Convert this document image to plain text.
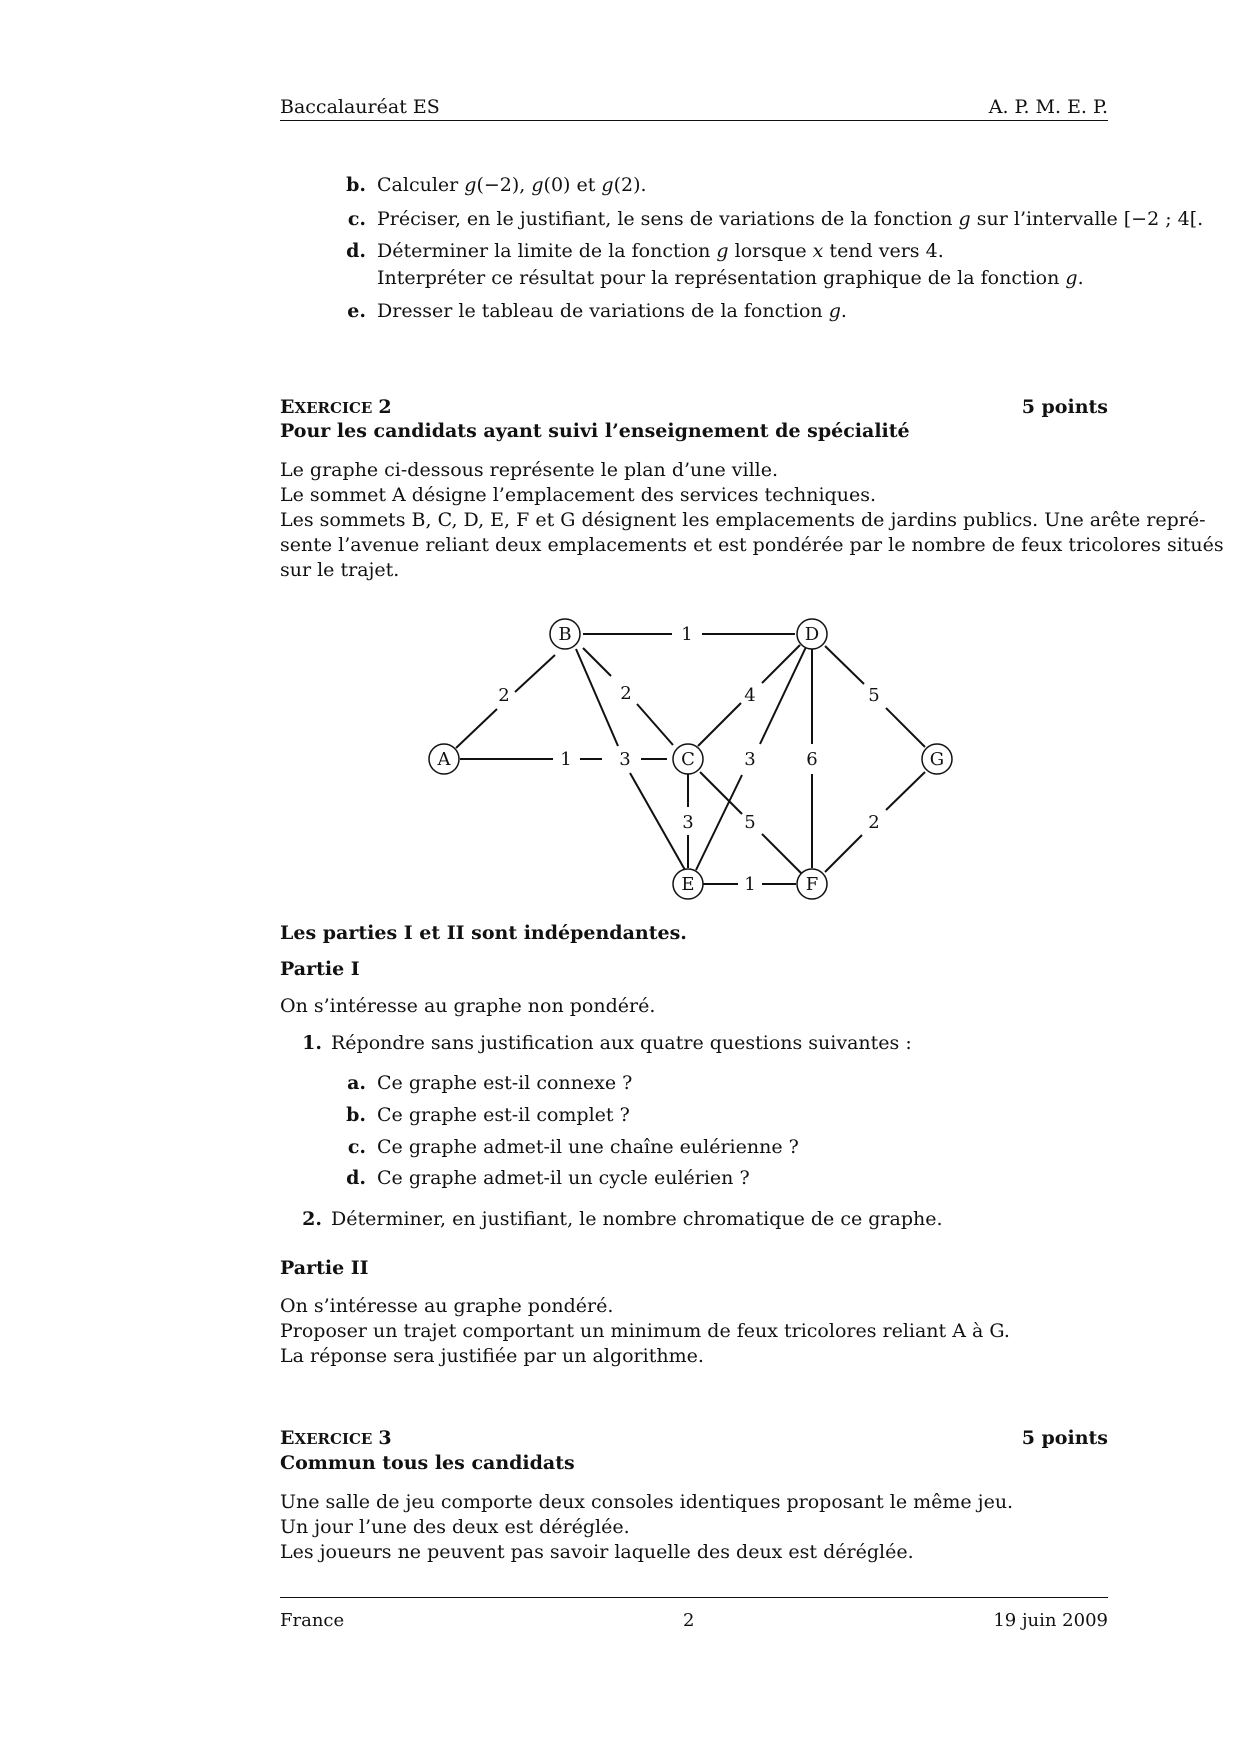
Baccalauréat ES	A. P. M. E. P.
b. Calculer g(−2), g(0) et g(2).
c. Préciser, en le justifiant, le sens de variations de la fonction g sur l’intervalle [−2 ; 4[.
d. Déterminer la limite de la fonction g lorsque x tend vers 4.
Interpréter ce résultat pour la représentation graphique de la fonction g.
e. Dresser le tableau de variations de la fonction g.
EXERCICE 2	5 points
Pour les candidats ayant suivi l’enseignement de spécialité
Le graphe ci-dessous représente le plan d’une ville.
Le sommet A désigne l’emplacement des services techniques.
Les sommets B, C, D, E, F et G désignent les emplacements de jardins publics. Une arête repré-
sente l’avenue reliant deux emplacements et est pondérée par le nombre de feux tricolores situés
sur le trajet.
A
B
C
D
E	F
G
2
1
1
2
3
4
3	6
5
3	5
1
2
Les parties I et II sont indépendantes.
Partie I
On s’intéresse au graphe non pondéré.
1. Répondre sans justification aux quatre questions suivantes :
a. Ce graphe est-il connexe ?
b. Ce graphe est-il complet ?
c. Ce graphe admet-il une chaîne eulérienne ?
d. Ce graphe admet-il un cycle eulérien ?
2. Déterminer, en justifiant, le nombre chromatique de ce graphe.
Partie II
On s’intéresse au graphe pondéré.
Proposer un trajet comportant un minimum de feux tricolores reliant A à G.
La réponse sera justifiée par un algorithme.
EXERCICE 3	5 points
Commun tous les candidats
Une salle de jeu comporte deux consoles identiques proposant le même jeu.
Un jour l’une des deux est déréglée.
Les joueurs ne peuvent pas savoir laquelle des deux est déréglée.
France	2	19 juin 2009
